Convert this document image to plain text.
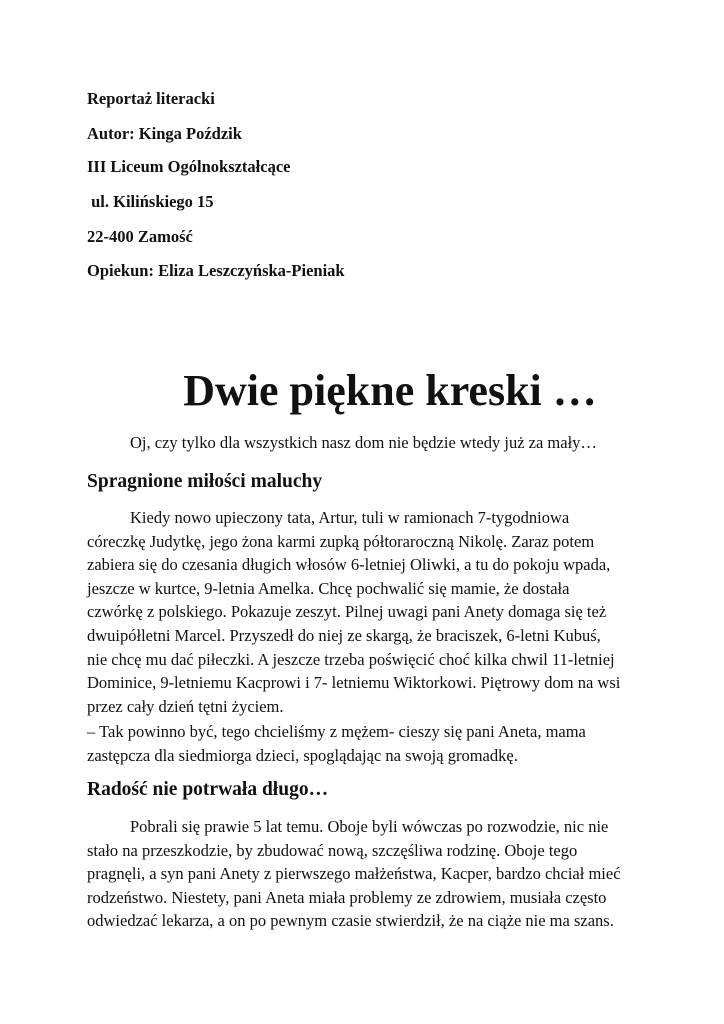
Reportaż literacki
Autor: Kinga Poździk
III Liceum Ogólnokształcące
ul. Kilińskiego 15
22-400 Zamość
Opiekun: Eliza Leszczyńska-Pieniak
Dwie piękne kreski …
Oj, czy tylko dla wszystkich nasz dom nie będzie wtedy już za mały…
Spragnione miłości maluchy

Kiedy nowo upieczony tata, Artur, tuli w ramionach 7-tygodniowa
córeczkę Judytkę, jego żona karmi zupką półtoraroczną Nikolę. Zaraz potem
zabiera się do czesania długich włosów 6-letniej Oliwki, a tu do pokoju wpada,
jeszcze w kurtce, 9-letnia Amelka. Chcę pochwalić się mamie, że dostała
czwórkę z polskiego. Pokazuje zeszyt. Pilnej uwagi pani Anety domaga się też
dwuipółletni Marcel. Przyszedł do niej ze skargą, że braciszek, 6-letni Kubuś,
nie chcę mu dać piłeczki. A jeszcze trzeba poświęcić choć kilka chwil 11-letniej
Dominice, 9-letniemu Kacprowi i 7- letniemu Wiktorkowi. Piętrowy dom na wsi
przez cały dzień tętni życiem.

– Tak powinno być, tego chcieliśmy z mężem- cieszy się pani Aneta, mama
zastępcza dla siedmiorga dzieci, spoglądając na swoją gromadkę.

Radość nie potrwała długo…

Pobrali się prawie 5 lat temu. Oboje byli wówczas po rozwodzie, nic nie
stało na przeszkodzie, by zbudować nową, szczęśliwa rodzinę. Oboje tego
pragnęli, a syn pani Anety z pierwszego małżeństwa, Kacper, bardzo chciał mieć
rodzeństwo. Niestety, pani Aneta miała problemy ze zdrowiem, musiała często
odwiedzać lekarza, a on po pewnym czasie stwierdził, że na ciąże nie ma szans.
